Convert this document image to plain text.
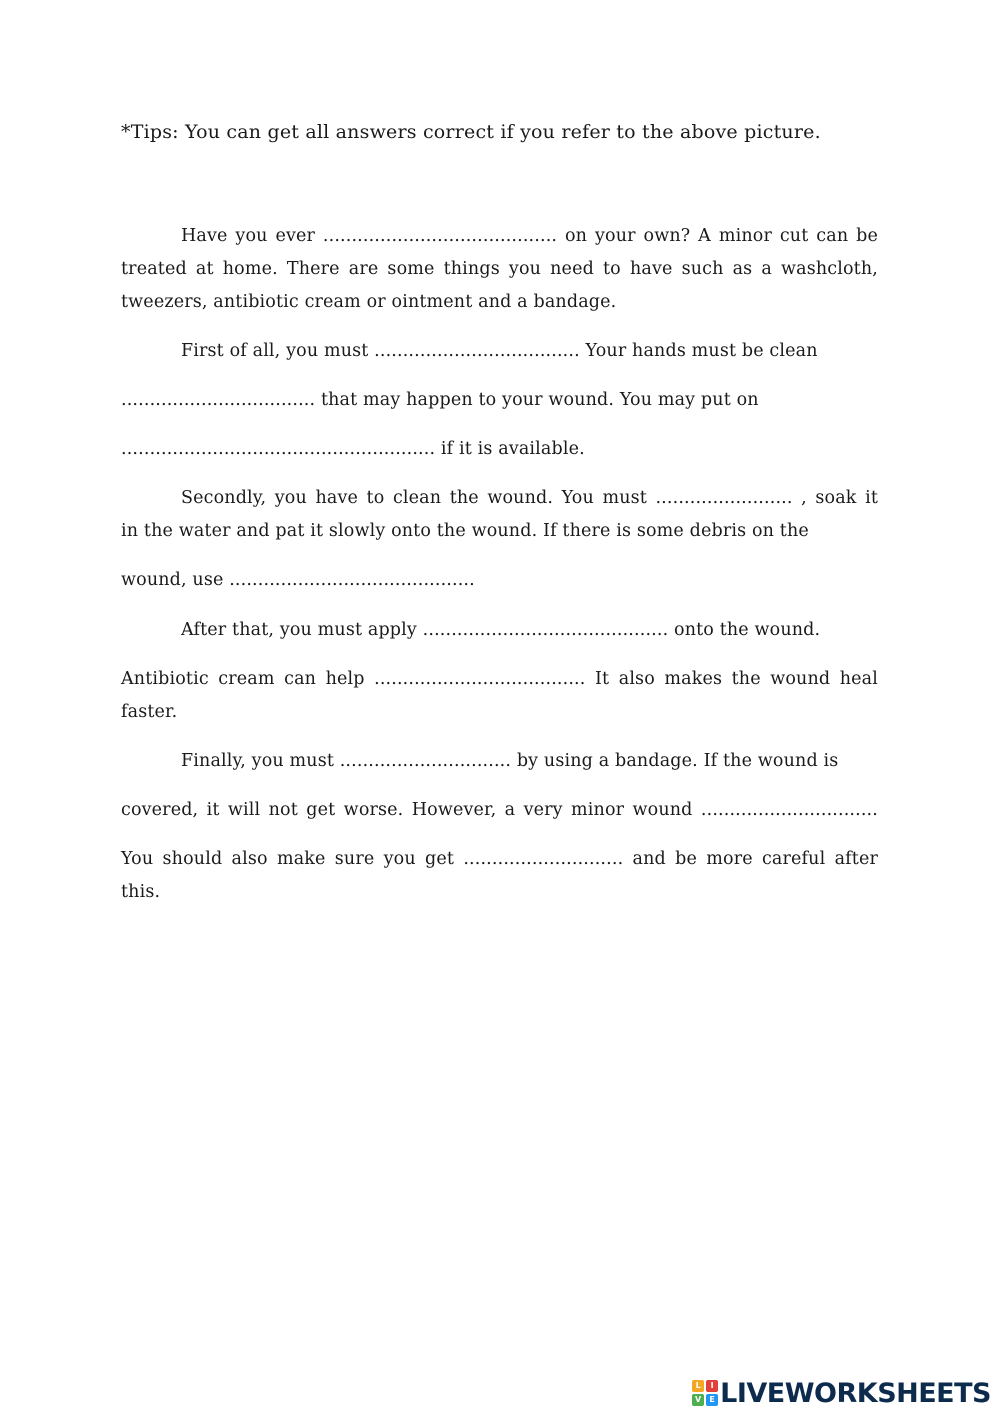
*Tips: You can get all answers correct if you refer to the above picture.
Have you ever ......................................... on your own? A minor cut can be
treated at home. There are some things you need to have such as a washcloth,
tweezers, antibiotic cream or ointment and a bandage.
First of all, you must .................................... Your hands must be clean
.................................. that may happen to your wound. You may put on
....................................................... if it is available.
Secondly, you have to clean the wound. You must ........................ , soak it
in the water and pat it slowly onto the wound. If there is some debris on the
wound, use ...........................................
After that, you must apply ........................................... onto the wound.
Antibiotic cream can help ..................................... It also makes the wound heal
faster.
Finally, you must .............................. by using a bandage. If the wound is
covered, it will not get worse. However, a very minor wound ...............................
You should also make sure you get ............................ and be more careful after
this.
L	I
V	E LIVEWORKSHEETS
